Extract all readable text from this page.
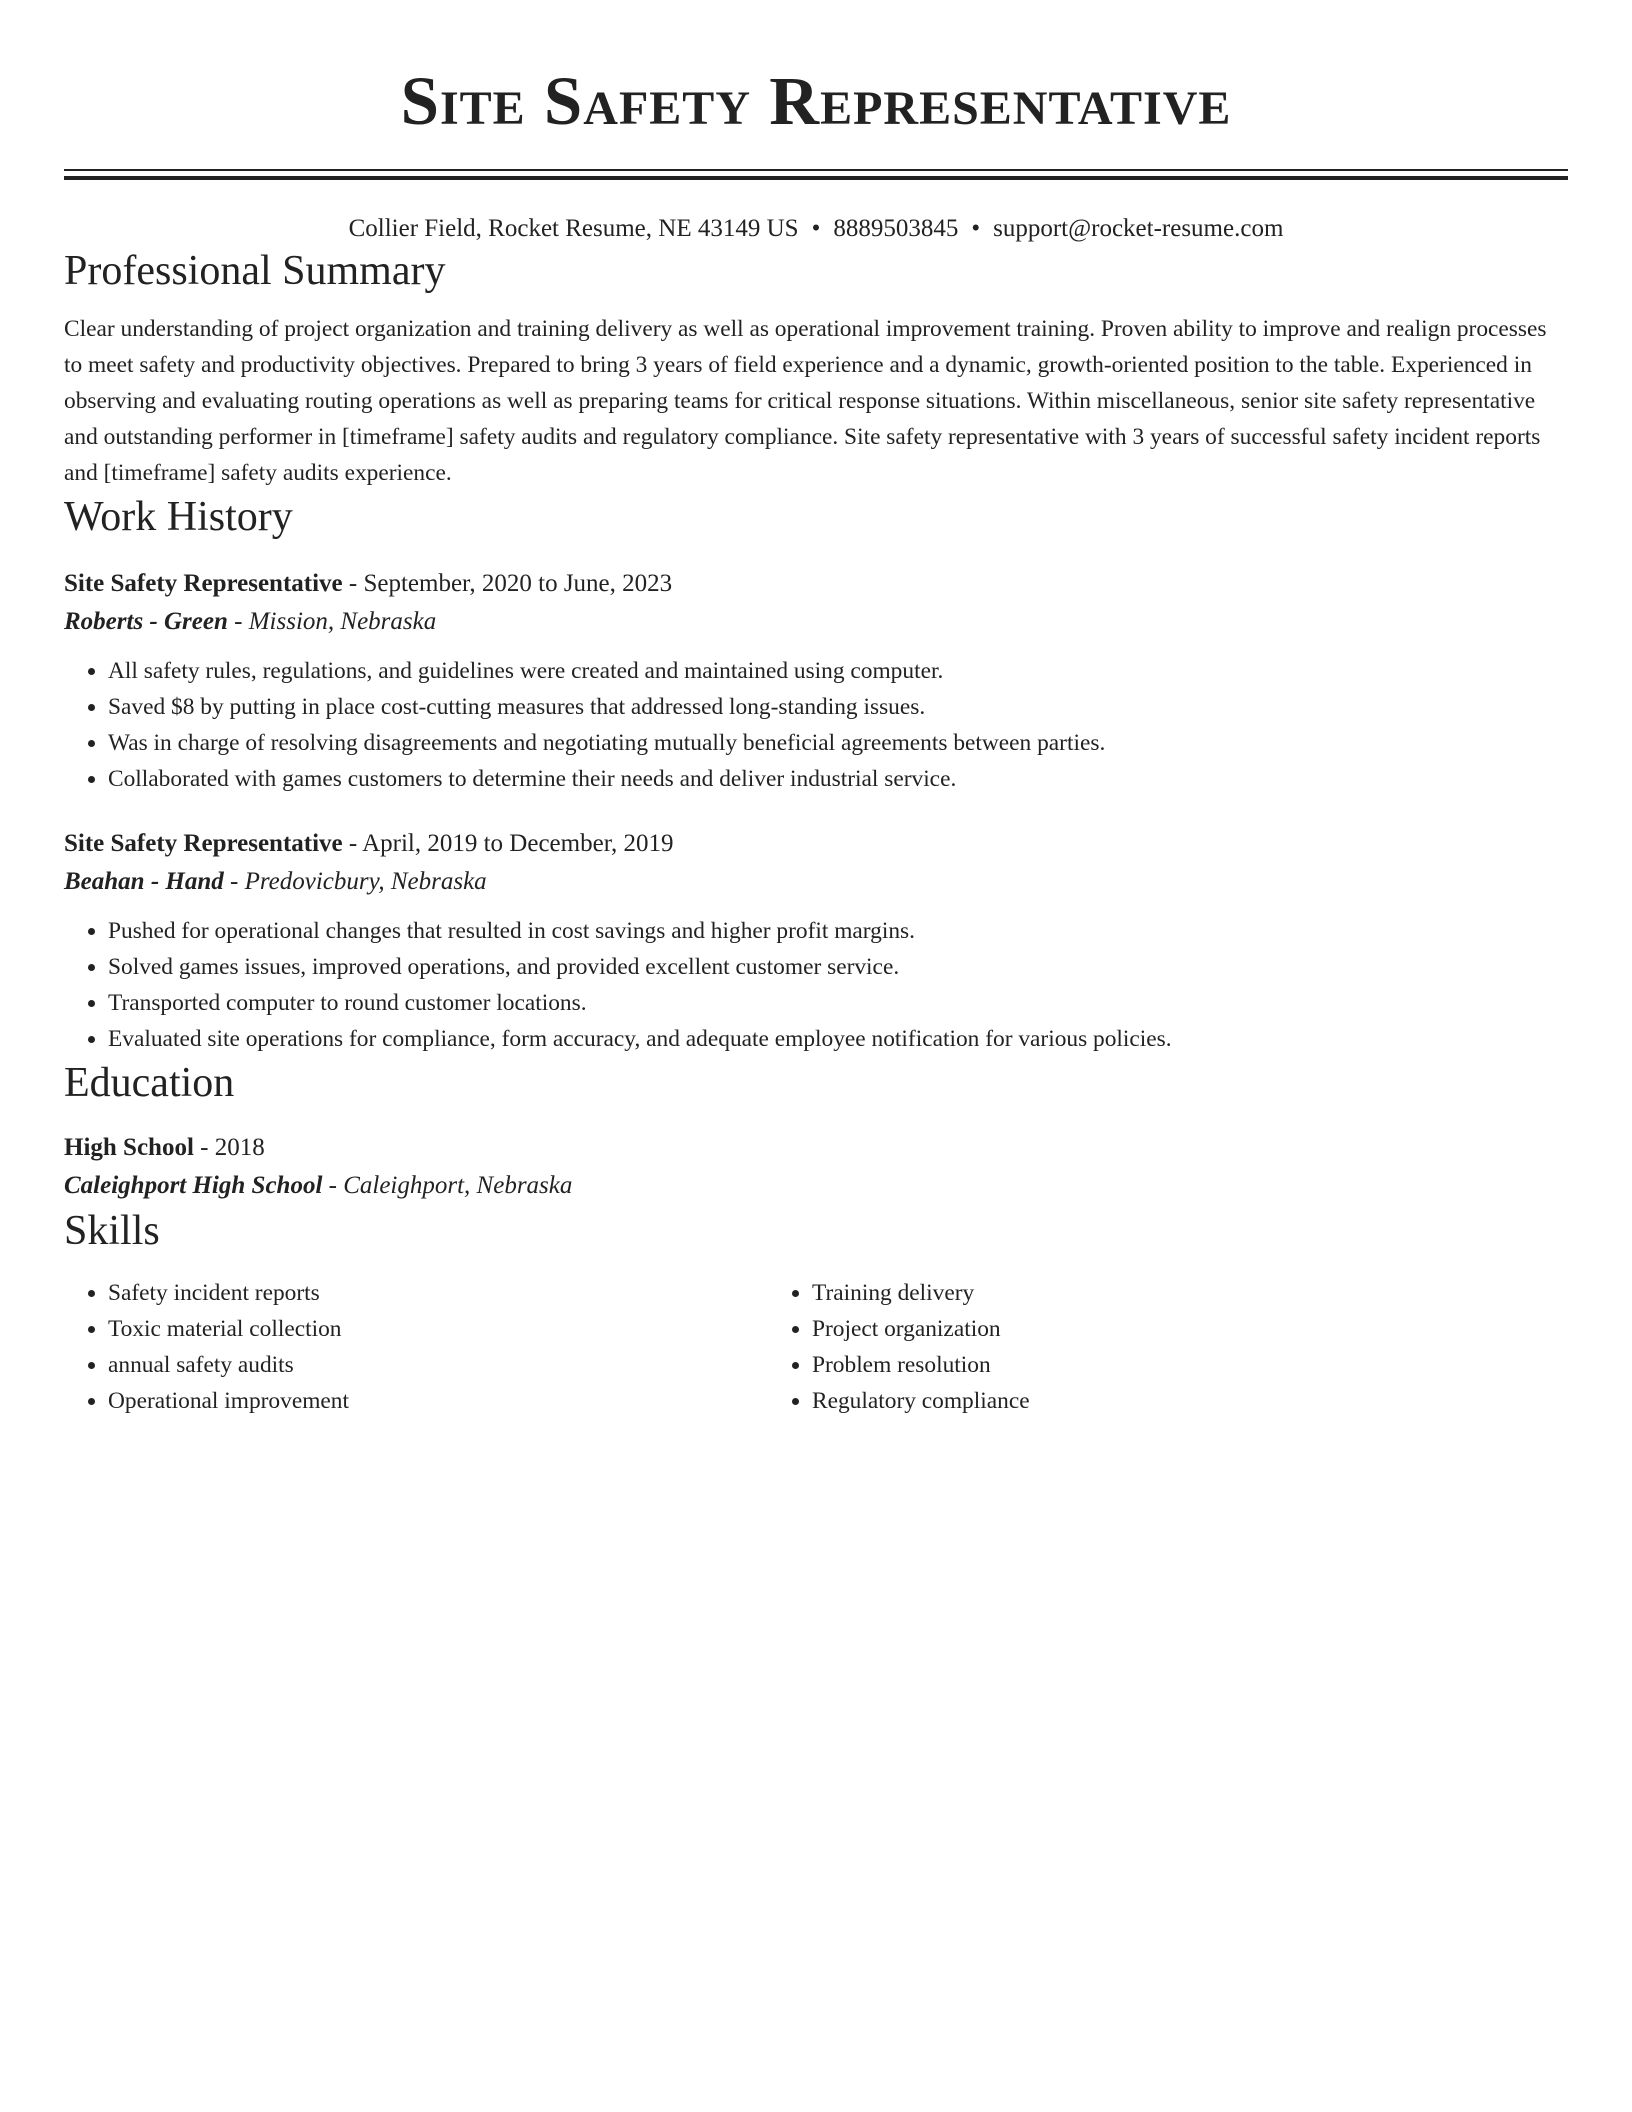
Site Safety Representative
Collier Field, Rocket Resume, NE 43149 US • 8889503845 • support@rocket-resume.com
Professional Summary

Clear understanding of project organization and training delivery as well as operational improvement training. Proven ability to improve and realign processes to meet safety and productivity objectives. Prepared to bring 3 years of field experience and a dynamic, growth-oriented position to the table. Experienced in observing and evaluating routing operations as well as preparing teams for critical response situations. Within miscellaneous, senior site safety representative and outstanding performer in [timeframe] safety audits and regulatory compliance. Site safety representative with 3 years of successful safety incident reports and [timeframe] safety audits experience.

Work History
Site Safety Representative - September, 2020 to June, 2023
Roberts - Green - Mission, Nebraska
• All safety rules, regulations, and guidelines were created and maintained using computer.
• Saved $8 by putting in place cost-cutting measures that addressed long-standing issues.
• Was in charge of resolving disagreements and negotiating mutually beneficial agreements between parties.
• Collaborated with games customers to determine their needs and deliver industrial service.
Site Safety Representative - April, 2019 to December, 2019
Beahan - Hand - Predovicbury, Nebraska
• Pushed for operational changes that resulted in cost savings and higher profit margins.
• Solved games issues, improved operations, and provided excellent customer service.
• Transported computer to round customer locations.
• Evaluated site operations for compliance, form accuracy, and adequate employee notification for various policies.
Education
High School - 2018
Caleighport High School - Caleighport, Nebraska
Skills
• Safety incident reports
• Toxic material collection
• annual safety audits
• Operational improvement
• Training delivery
• Project organization
• Problem resolution
• Regulatory compliance
